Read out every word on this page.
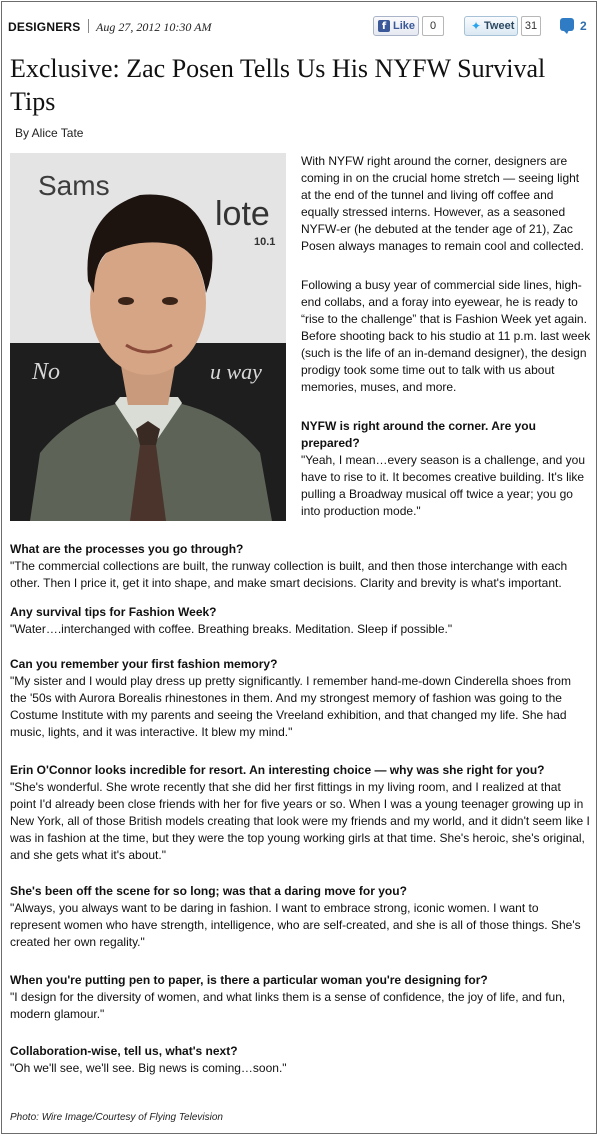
DESIGNERS Aug 27, 2012 10:30 AM	f Like	0	✦ Tweet 31	2
Exclusive: Zac Posen Tells Us His NYFW Survival Tips
By Alice Tate
Sams
lote
10.1
No	u way

With NYFW right around the corner, designers are coming in on the crucial home stretch — seeing light at the end of the tunnel and living off coffee and equally stressed interns. However, as a seasoned NYFW-er (he debuted at the tender age of 21), Zac Posen always manages to remain cool and collected.

Following a busy year of commercial side lines, high-end collabs, and a foray into eyewear, he is ready to “rise to the challenge” that is Fashion Week yet again. Before shooting back to his studio at 11 p.m. last week (such is the life of an in-demand designer), the design prodigy took some time out to talk with us about memories, muses, and more.

NYFW is right around the corner. Are you prepared?
"Yeah, I mean…every season is a challenge, and you have to rise to it. It becomes creative building. It's like pulling a Broadway musical off twice a year; you go into production mode."
What are the processes you go through?
"The commercial collections are built, the runway collection is built, and then those interchange with each other. Then I price it, get it into shape, and make smart decisions. Clarity and brevity is what's important.
Any survival tips for Fashion Week?
"Water….interchanged with coffee. Breathing breaks. Meditation. Sleep if possible."
Can you remember your first fashion memory?
"My sister and I would play dress up pretty significantly. I remember hand-me-down Cinderella shoes from the '50s with Aurora Borealis rhinestones in them. And my strongest memory of fashion was going to the Costume Institute with my parents and seeing the Vreeland exhibition, and that changed my life. She had music, lights, and it was interactive. It blew my mind."
Erin O'Connor looks incredible for resort. An interesting choice — why was she right for you?
"She's wonderful. She wrote recently that she did her first fittings in my living room, and I realized at that point I'd already been close friends with her for five years or so. When I was a young teenager growing up in New York, all of those British models creating that look were my friends and my world, and it didn't seem like I was in fashion at the time, but they were the top young working girls at that time. She's heroic, she's original, and she gets what it's about."
She's been off the scene for so long; was that a daring move for you?
"Always, you always want to be daring in fashion. I want to embrace strong, iconic women. I want to represent women who have strength, intelligence, who are self-created, and she is all of those things. She's created her own regality."
When you're putting pen to paper, is there a particular woman you're designing for?
"I design for the diversity of women, and what links them is a sense of confidence, the joy of life, and fun, modern glamour."
Collaboration-wise, tell us, what's next?
"Oh we'll see, we'll see. Big news is coming…soon."
Photo: Wire Image/Courtesy of Flying Television
